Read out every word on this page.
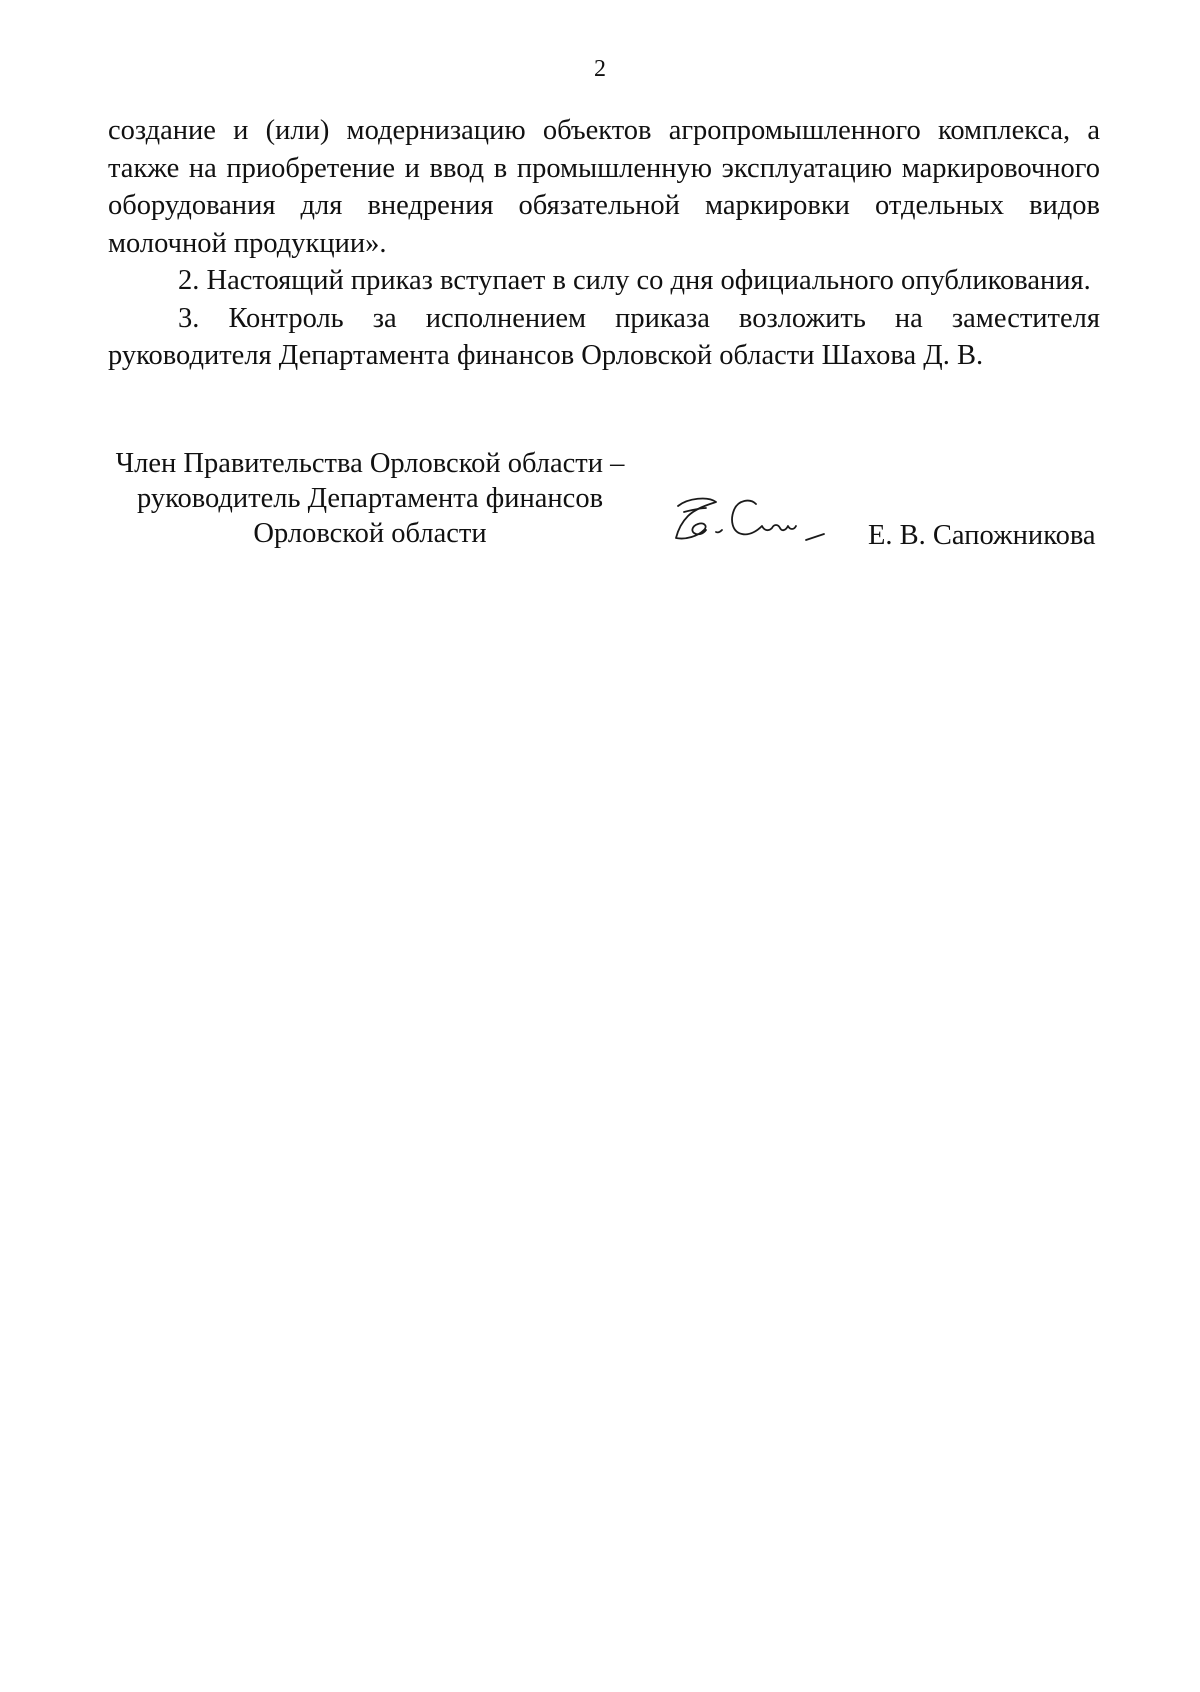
2

создание и (или) модернизацию объектов агропромышленного комплекса, а также на приобретение и ввод в промышленную эксплуатацию маркировочного оборудования для внедрения обязательной маркировки отдельных видов молочной продукции».

2. Настоящий приказ вступает в силу со дня официального опубликования.

3. Контроль за исполнением приказа возложить на заместителя руководителя Департамента финансов Орловской области Шахова Д. В.

Член Правительства Орловской области –
руководитель Департамента финансов
Орловской области	Е. В. Сапожникова
